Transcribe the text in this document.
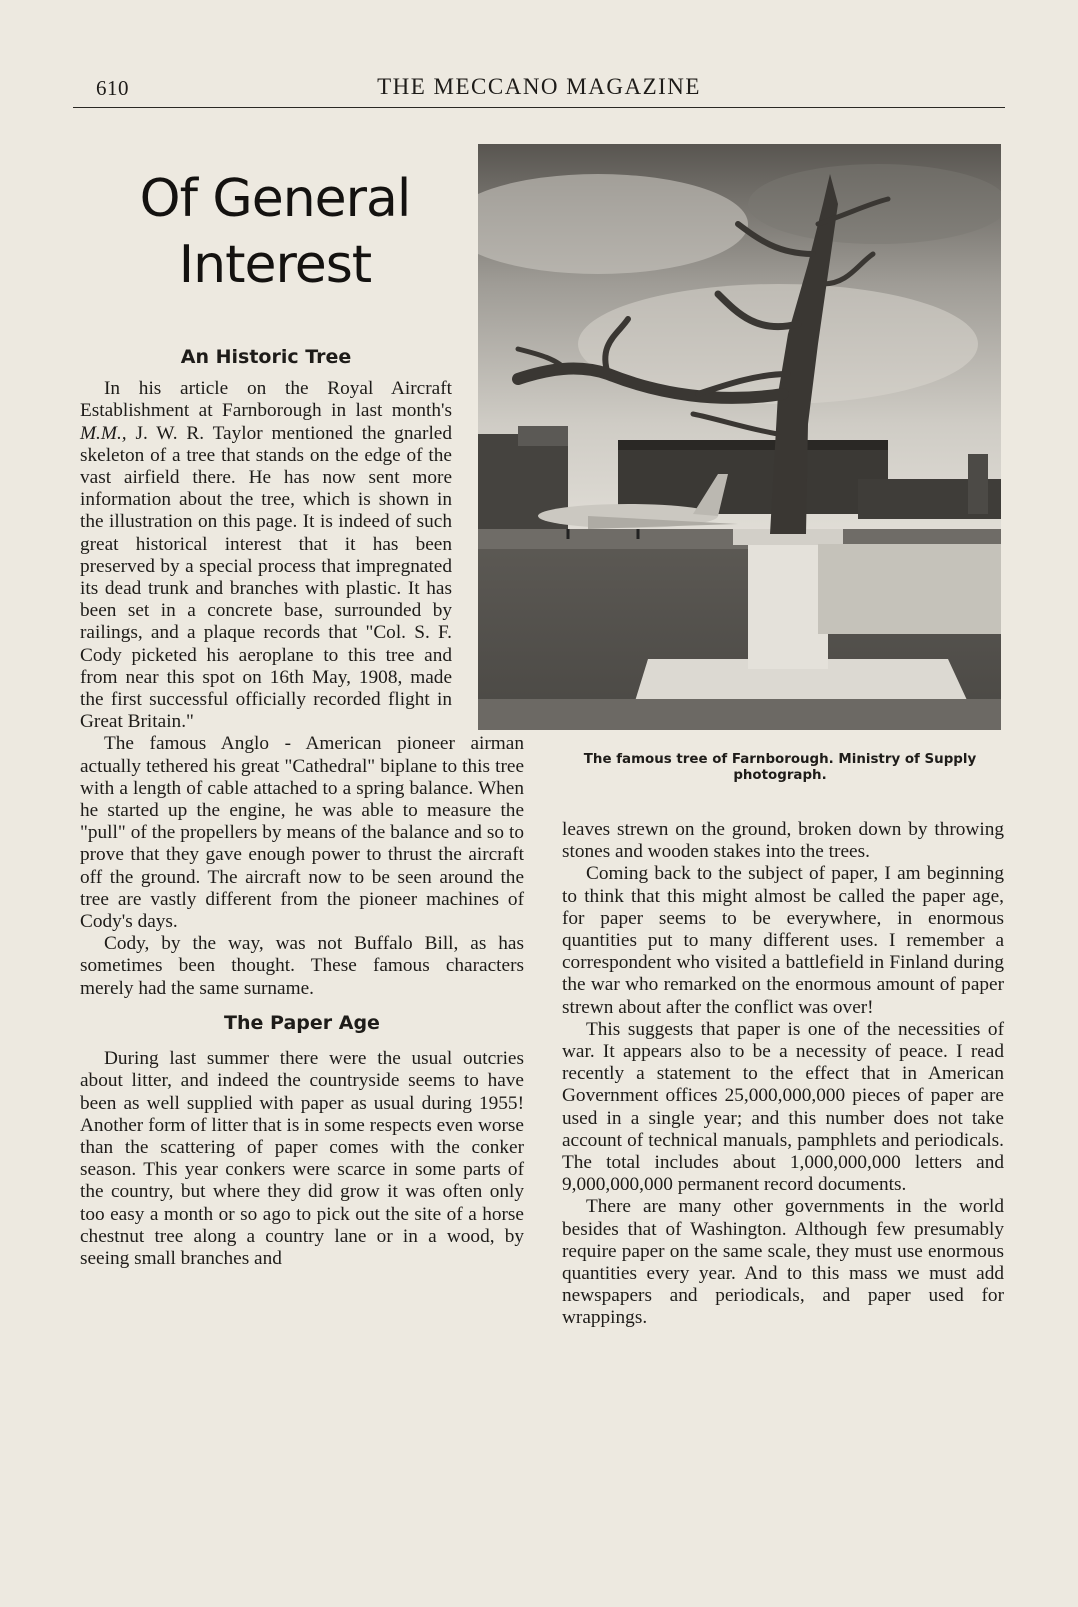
610	THE MECCANO MAGAZINE
Of General
Interest
The famous tree of Farnborough. Ministry of Supply photograph.
An Historic Tree

In his article on the Royal Aircraft Establishment at Farnborough in last month's M.M., J. W. R. Taylor mentioned the gnarled skeleton of a tree that stands on the edge of the vast airfield there. He has now sent more information about the tree, which is shown in the illustration on this page. It is indeed of such great historical interest that it has been preserved by a special process that impregnated its dead trunk and branches with plastic. It has been set in a concrete base, surrounded by railings, and a plaque records that "Col. S. F. Cody picketed his aeroplane to this tree and from near this spot on 16th May, 1908, made the first successful officially recorded flight in Great Britain."

The famous Anglo - American pioneer airman actually tethered his great "Cathedral" biplane to this tree with a length of cable attached to a spring balance. When he started up the engine, he was able to measure the "pull" of the propellers by means of the balance and so to prove that they gave enough power to thrust the aircraft off the ground. The aircraft now to be seen around the tree are vastly different from the pioneer machines of Cody's days.

Cody, by the way, was not Buffalo Bill, as has sometimes been thought. These famous characters merely had the same surname.

The Paper Age

During last summer there were the usual outcries about litter, and indeed the countryside seems to have been as well supplied with paper as usual during 1955! Another form of litter that is in some respects even worse than the scattering of paper comes with the conker season. This year conkers were scarce in some parts of the country, but where they did grow it was often only too easy a month or so ago to pick out the site of a horse chestnut tree along a country lane or in a wood, by seeing small branches and

leaves strewn on the ground, broken down by throwing stones and wooden stakes into the trees.

Coming back to the subject of paper, I am beginning to think that this might almost be called the paper age, for paper seems to be everywhere, in enormous quantities put to many different uses. I remember a correspondent who visited a battlefield in Finland during the war who remarked on the enormous amount of paper strewn about after the conflict was over!

This suggests that paper is one of the necessities of war. It appears also to be a necessity of peace. I read recently a statement to the effect that in American Government offices 25,000,000,000 pieces of paper are used in a single year; and this number does not take account of technical manuals, pamphlets and periodicals. The total includes about 1,000,000,000 letters and 9,000,000,000 permanent record documents.

There are many other governments in the world besides that of Washington. Although few presumably require paper on the same scale, they must use enormous quantities every year. And to this mass we must add newspapers and periodicals, and paper used for wrappings.
